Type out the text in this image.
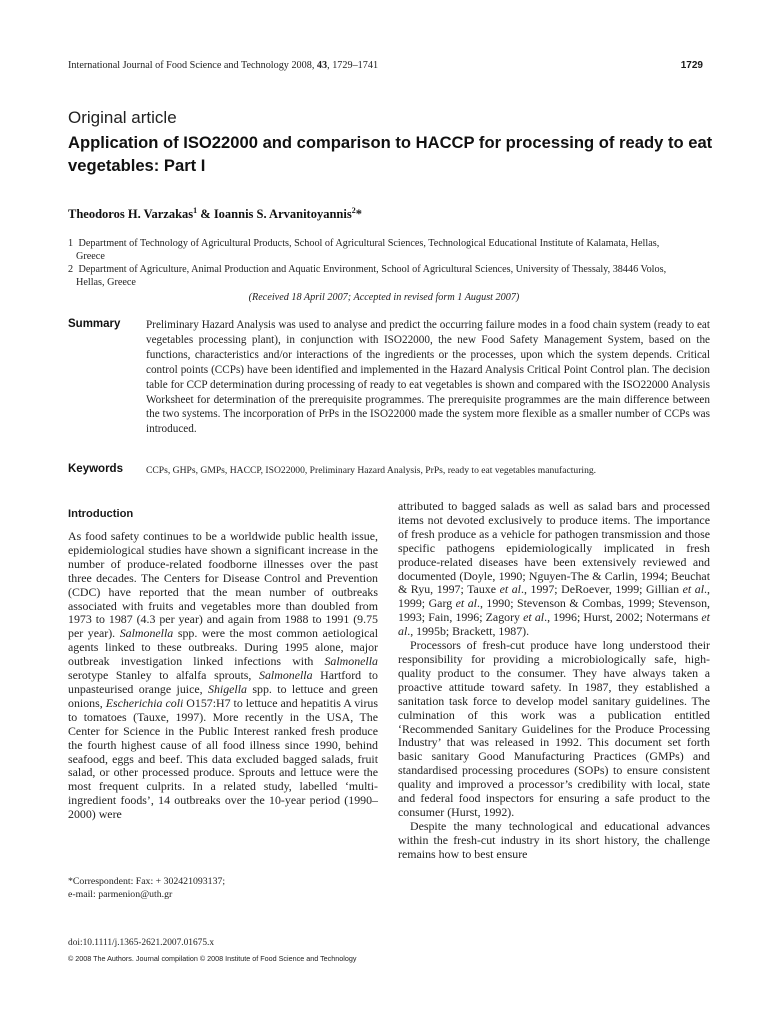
International Journal of Food Science and Technology 2008, 43, 1729–1741	1729
Original article
Application of ISO22000 and comparison to HACCP for processing of ready to eat vegetables: Part I
Theodoros H. Varzakas$^1$ & Ioannis S. Arvanitoyannis$^2$*
1 Department of Technology of Agricultural Products, School of Agricultural Sciences, Technological Educational Institute of Kalamata, Hellas,
Greece
2 Department of Agriculture, Animal Production and Aquatic Environment, School of Agricultural Sciences, University of Thessaly, 38446 Volos,
Hellas, Greece
(Received 18 April 2007; Accepted in revised form 1 August 2007)
Summary Preliminary Hazard Analysis was used to analyse and predict the occurring failure modes in a food chain system (ready to eat vegetables processing plant), in conjunction with ISO22000, the new Food Safety Management System, based on the functions, characteristics and/or interactions of the ingredients or the processes, upon which the system depends. Critical control points (CCPs) have been identified and implemented in the Hazard Analysis Critical Point Control plan. The decision table for CCP determination during processing of ready to eat vegetables is shown and compared with the ISO22000 Analysis Worksheet for determination of the prerequisite programmes. The prerequisite programmes are the main difference between the two systems. The incorporation of PrPs in the ISO22000 made the system more flexible as a smaller number of CCPs was introduced.
Keywords CCPs, GHPs, GMPs, HACCP, ISO22000, Preliminary Hazard Analysis, PrPs, ready to eat vegetables manufacturing.
Introduction

As food safety continues to be a worldwide public health issue, epidemiological studies have shown a significant increase in the number of produce-related foodborne illnesses over the past three decades. The Centers for Disease Control and Prevention (CDC) have reported that the mean number of outbreaks associated with fruits and vegetables more than doubled from 1973 to 1987 (4.3 per year) and again from 1988 to 1991 (9.75 per year). Salmonella spp. were the most common aetiological agents linked to these outbreaks. During 1995 alone, major outbreak investigation linked infections with Salmonella serotype Stanley to alfalfa sprouts, Salmonella Hartford to unpasteurised orange juice, Shigella spp. to lettuce and green onions, Escherichia coli O157:H7 to lettuce and hepatitis A virus to tomatoes (Tauxe, 1997). More recently in the USA, The Center for Science in the Public Interest ranked fresh produce the fourth highest cause of all food illness since 1990, behind seafood, eggs and beef. This data excluded bagged salads, fruit salad, or other processed produce. Sprouts and lettuce were the most frequent culprits. In a related study, labelled ‘multi-ingredient foods’, 14 outbreaks over the 10-year period (1990–2000) were

attributed to bagged salads as well as salad bars and processed items not devoted exclusively to produce items. The importance of fresh produce as a vehicle for pathogen transmission and those specific pathogens epidemiologically implicated in fresh produce-related diseases have been extensively reviewed and documented (Doyle, 1990; Nguyen-The & Carlin, 1994; Beuchat & Ryu, 1997; Tauxe et al., 1997; DeRoever, 1999; Gillian et al., 1999; Garg et al., 1990; Stevenson & Combas, 1999; Stevenson, 1993; Fain, 1996; Zagory et al., 1996; Hurst, 2002; Notermans et al., 1995b; Brackett, 1987).

Processors of fresh-cut produce have long understood their responsibility for providing a microbiologically safe, high-quality product to the consumer. They have always taken a proactive attitude toward safety. In 1987, they established a sanitation task force to develop model sanitary guidelines. The culmination of this work was a publication entitled ‘Recommended Sanitary Guidelines for the Produce Processing Industry’ that was released in 1992. This document set forth basic sanitary Good Manufacturing Practices (GMPs) and standardised processing procedures (SOPs) to ensure consistent quality and improved a processor’s credibility with local, state and federal food inspectors for ensuring a safe product to the consumer (Hurst, 1992).

Despite the many technological and educational advances within the fresh-cut industry in its short history, the challenge remains how to best ensure

*Correspondent: Fax: + 302421093137;
e-mail: parmenion@uth.gr
doi:10.1111/j.1365-2621.2007.01675.x
© 2008 The Authors. Journal compilation © 2008 Institute of Food Science and Technology
